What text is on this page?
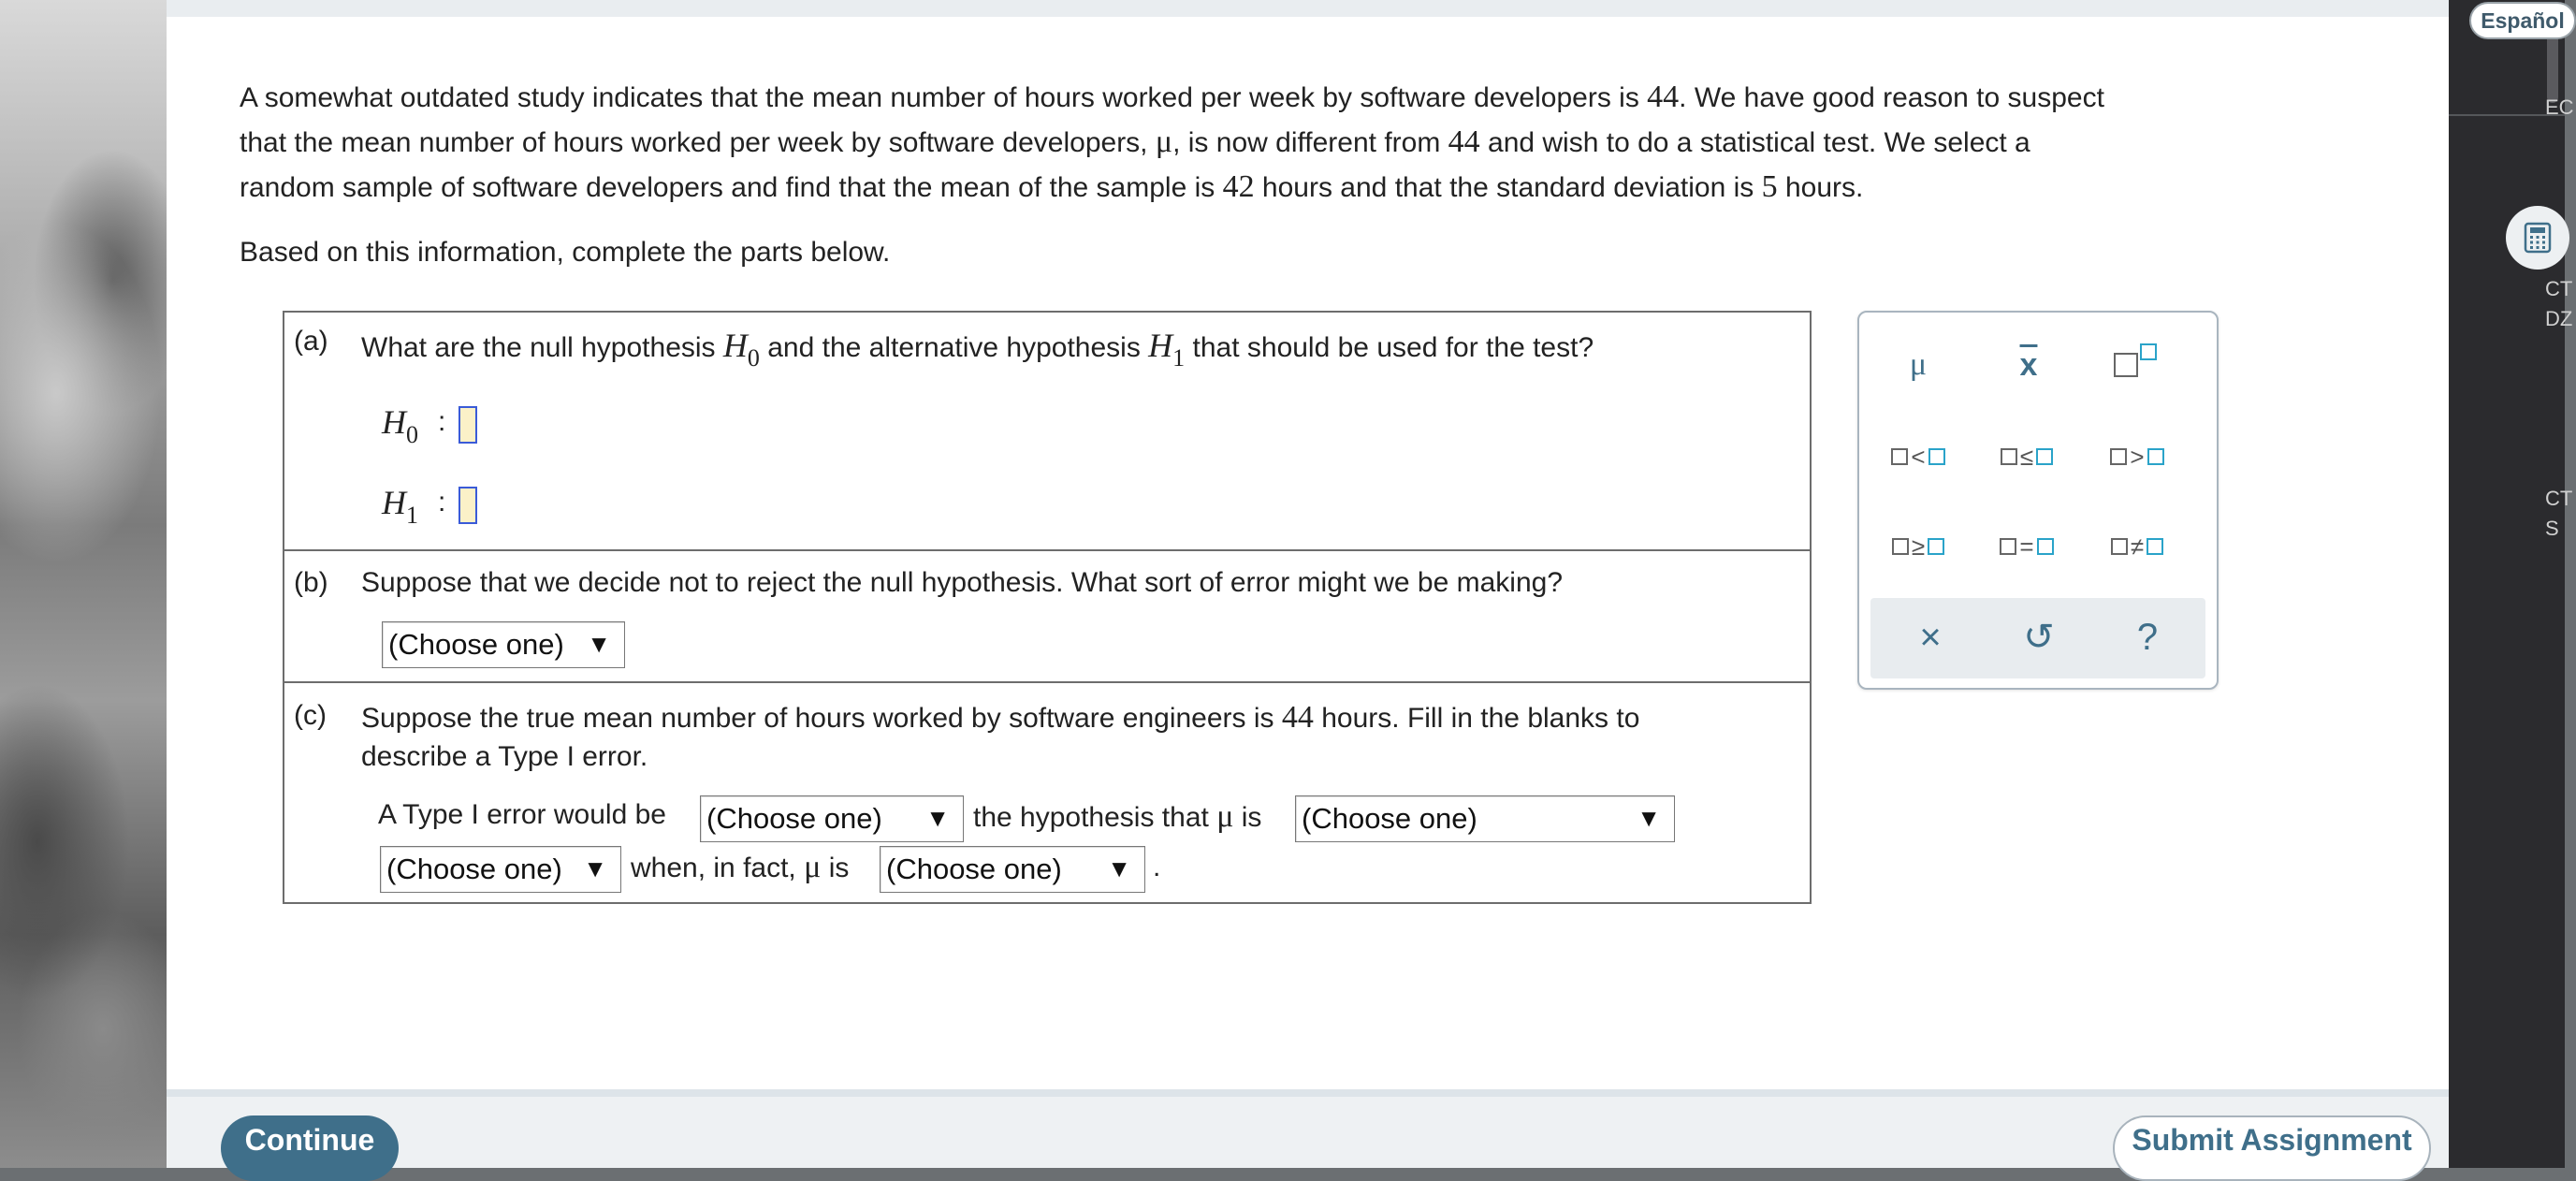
EC
CT
DZ
CT
S
Español
A somewhat outdated study indicates that the mean number of hours worked per week by software developers is 44. We have good reason to suspect
that the mean number of hours worked per week by software developers, μ, is now different from 44 and wish to do a statistical test. We select a
random sample of software developers and find that the mean of the sample is 42 hours and that the standard deviation is 5 hours.
Based on this information, complete the parts below.
(a) What are the null hypothesis H0 and the alternative hypothesis H1 that should be used for the test?
H0 :
H1 :
(b) Suppose that we decide not to reject the null hypothesis. What sort of error might we be making?
(Choose one) ▼
(c) Suppose the true mean number of hours worked by software engineers is 44 hours. Fill in the blanks to
describe a Type I error.
A Type I error would be (Choose one) ▼ the hypothesis that μ is (Choose one)	▼
(Choose one) ▼ when, in fact, μ is (Choose one) ▼ .
μ	$\overline{x}$
<	≤	>
≥	=	≠
× ↺ ?
Continue	Submit Assignment
